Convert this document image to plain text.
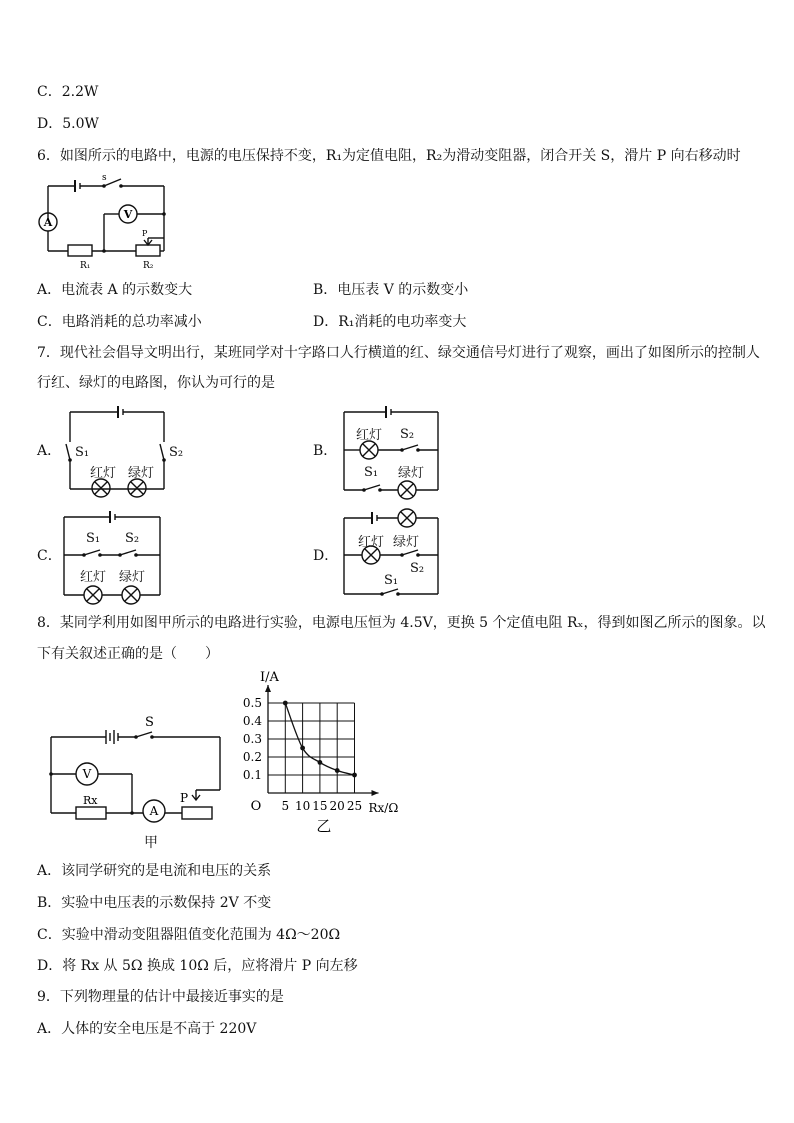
C．2.2W
D．5.0W
6．如图所示的电路中，电源的电压保持不变，R₁为定值电阻，R₂为滑动变阻器，闭合开关 S，滑片 P 向右移动时
A
V
s
R₁	R₂
P
A．电流表 A 的示数变大	B．电压表 V 的示数变小
C．电路消耗的总功率减小	D．R₁消耗的电功率变大
7．现代社会倡导文明出行，某班同学对十字路口人行横道的红、绿交通信号灯进行了观察，画出了如图所示的控制人
行红、绿灯的电路图，你认为可行的是
A． S₁	S₂
红灯 绿灯
B．
红灯 S₂
S₁ 绿灯
C．
S₁ S₂
红灯 绿灯
D．
红灯 绿灯
S₂
S₁
8．某同学利用如图甲所示的电路进行实验，电源电压恒为 4.5V，更换 5 个定值电阻 Rₓ，得到如图乙所示的图象。以
下有关叙述正确的是（　　）
V
A
S
Rx	P
甲
5 10 15 20 25
0.1
0.2
0.3
0.4
0.5
O
I/A
Rx/Ω
乙
A．该同学研究的是电流和电压的关系
B．实验中电压表的示数保持 2V 不变
C．实验中滑动变阻器阻值变化范围为 4Ω～20Ω
D．将 Rx 从 5Ω 换成 10Ω 后，应将滑片 P 向左移
9．下列物理量的估计中最接近事实的是
A．人体的安全电压是不高于 220V
